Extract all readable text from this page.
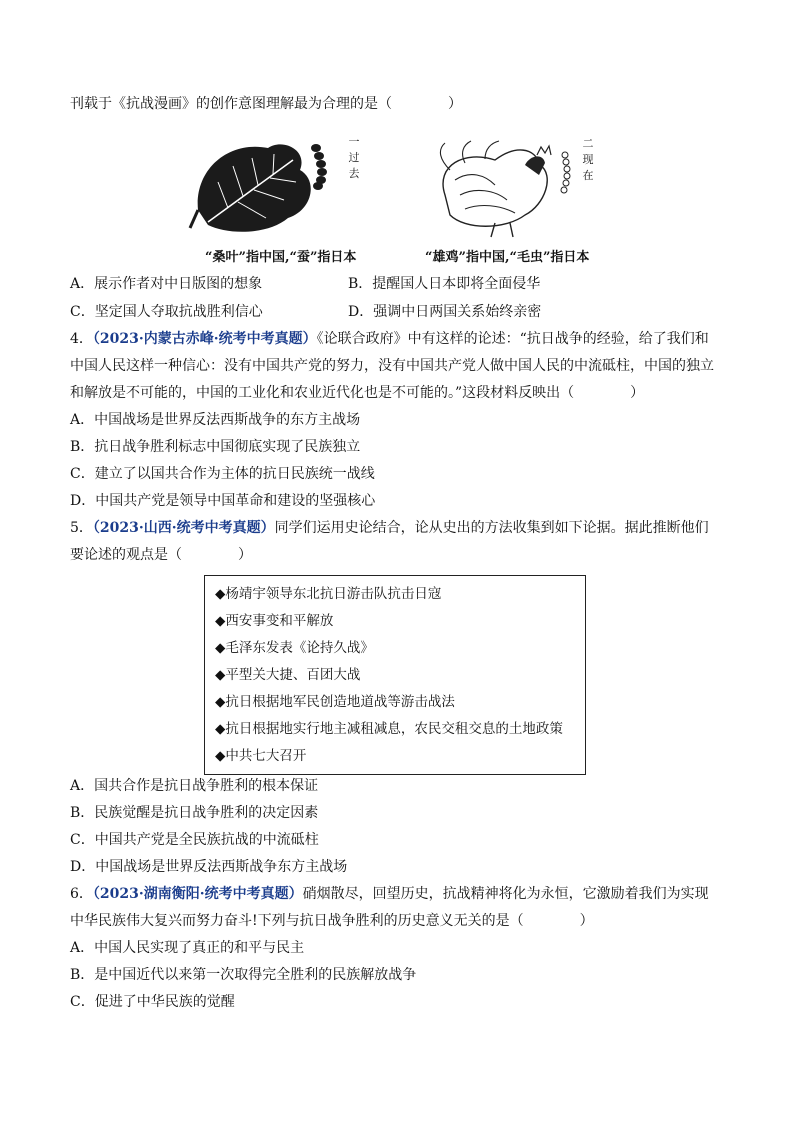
刊载于《抗战漫画》的创作意图理解最为合理的是（　　　　）
一
过
去
“桑叶”指中国,“蚕”指日本
二
现
在
“雄鸡”指中国,“毛虫”指日本
A．展示作者对中日版图的想象	B．提醒国人日本即将全面侵华
C．坚定国人夺取抗战胜利信心	D．强调中日两国关系始终亲密
4．（2023·内蒙古赤峰·统考中考真题）《论联合政府》中有这样的论述：“抗日战争的经验，给了我们和
中国人民这样一种信心：没有中国共产党的努力，没有中国共产党人做中国人民的中流砥柱，中国的独立
和解放是不可能的，中国的工业化和农业近代化也是不可能的。”这段材料反映出（　　　　）
A．中国战场是世界反法西斯战争的东方主战场
B．抗日战争胜利标志中国彻底实现了民族独立
C．建立了以国共合作为主体的抗日民族统一战线
D．中国共产党是领导中国革命和建设的坚强核心
5．（2023·山西·统考中考真题）同学们运用史论结合，论从史出的方法收集到如下论据。据此推断他们
要论述的观点是（　　　　）
◆杨靖宇领导东北抗日游击队抗击日寇
◆西安事变和平解放
◆毛泽东发表《论持久战》
◆平型关大捷、百团大战
◆抗日根据地军民创造地道战等游击战法
◆抗日根据地实行地主减租减息，农民交租交息的土地政策
◆中共七大召开
A．国共合作是抗日战争胜利的根本保证
B．民族觉醒是抗日战争胜利的决定因素
C．中国共产党是全民族抗战的中流砥柱
D．中国战场是世界反法西斯战争东方主战场
6．（2023·湖南衡阳·统考中考真题）硝烟散尽，回望历史，抗战精神将化为永恒，它激励着我们为实现
中华民族伟大复兴而努力奋斗!下列与抗日战争胜利的历史意义无关的是（　　　　）
A．中国人民实现了真正的和平与民主
B．是中国近代以来第一次取得完全胜利的民族解放战争
C．促进了中华民族的觉醒
